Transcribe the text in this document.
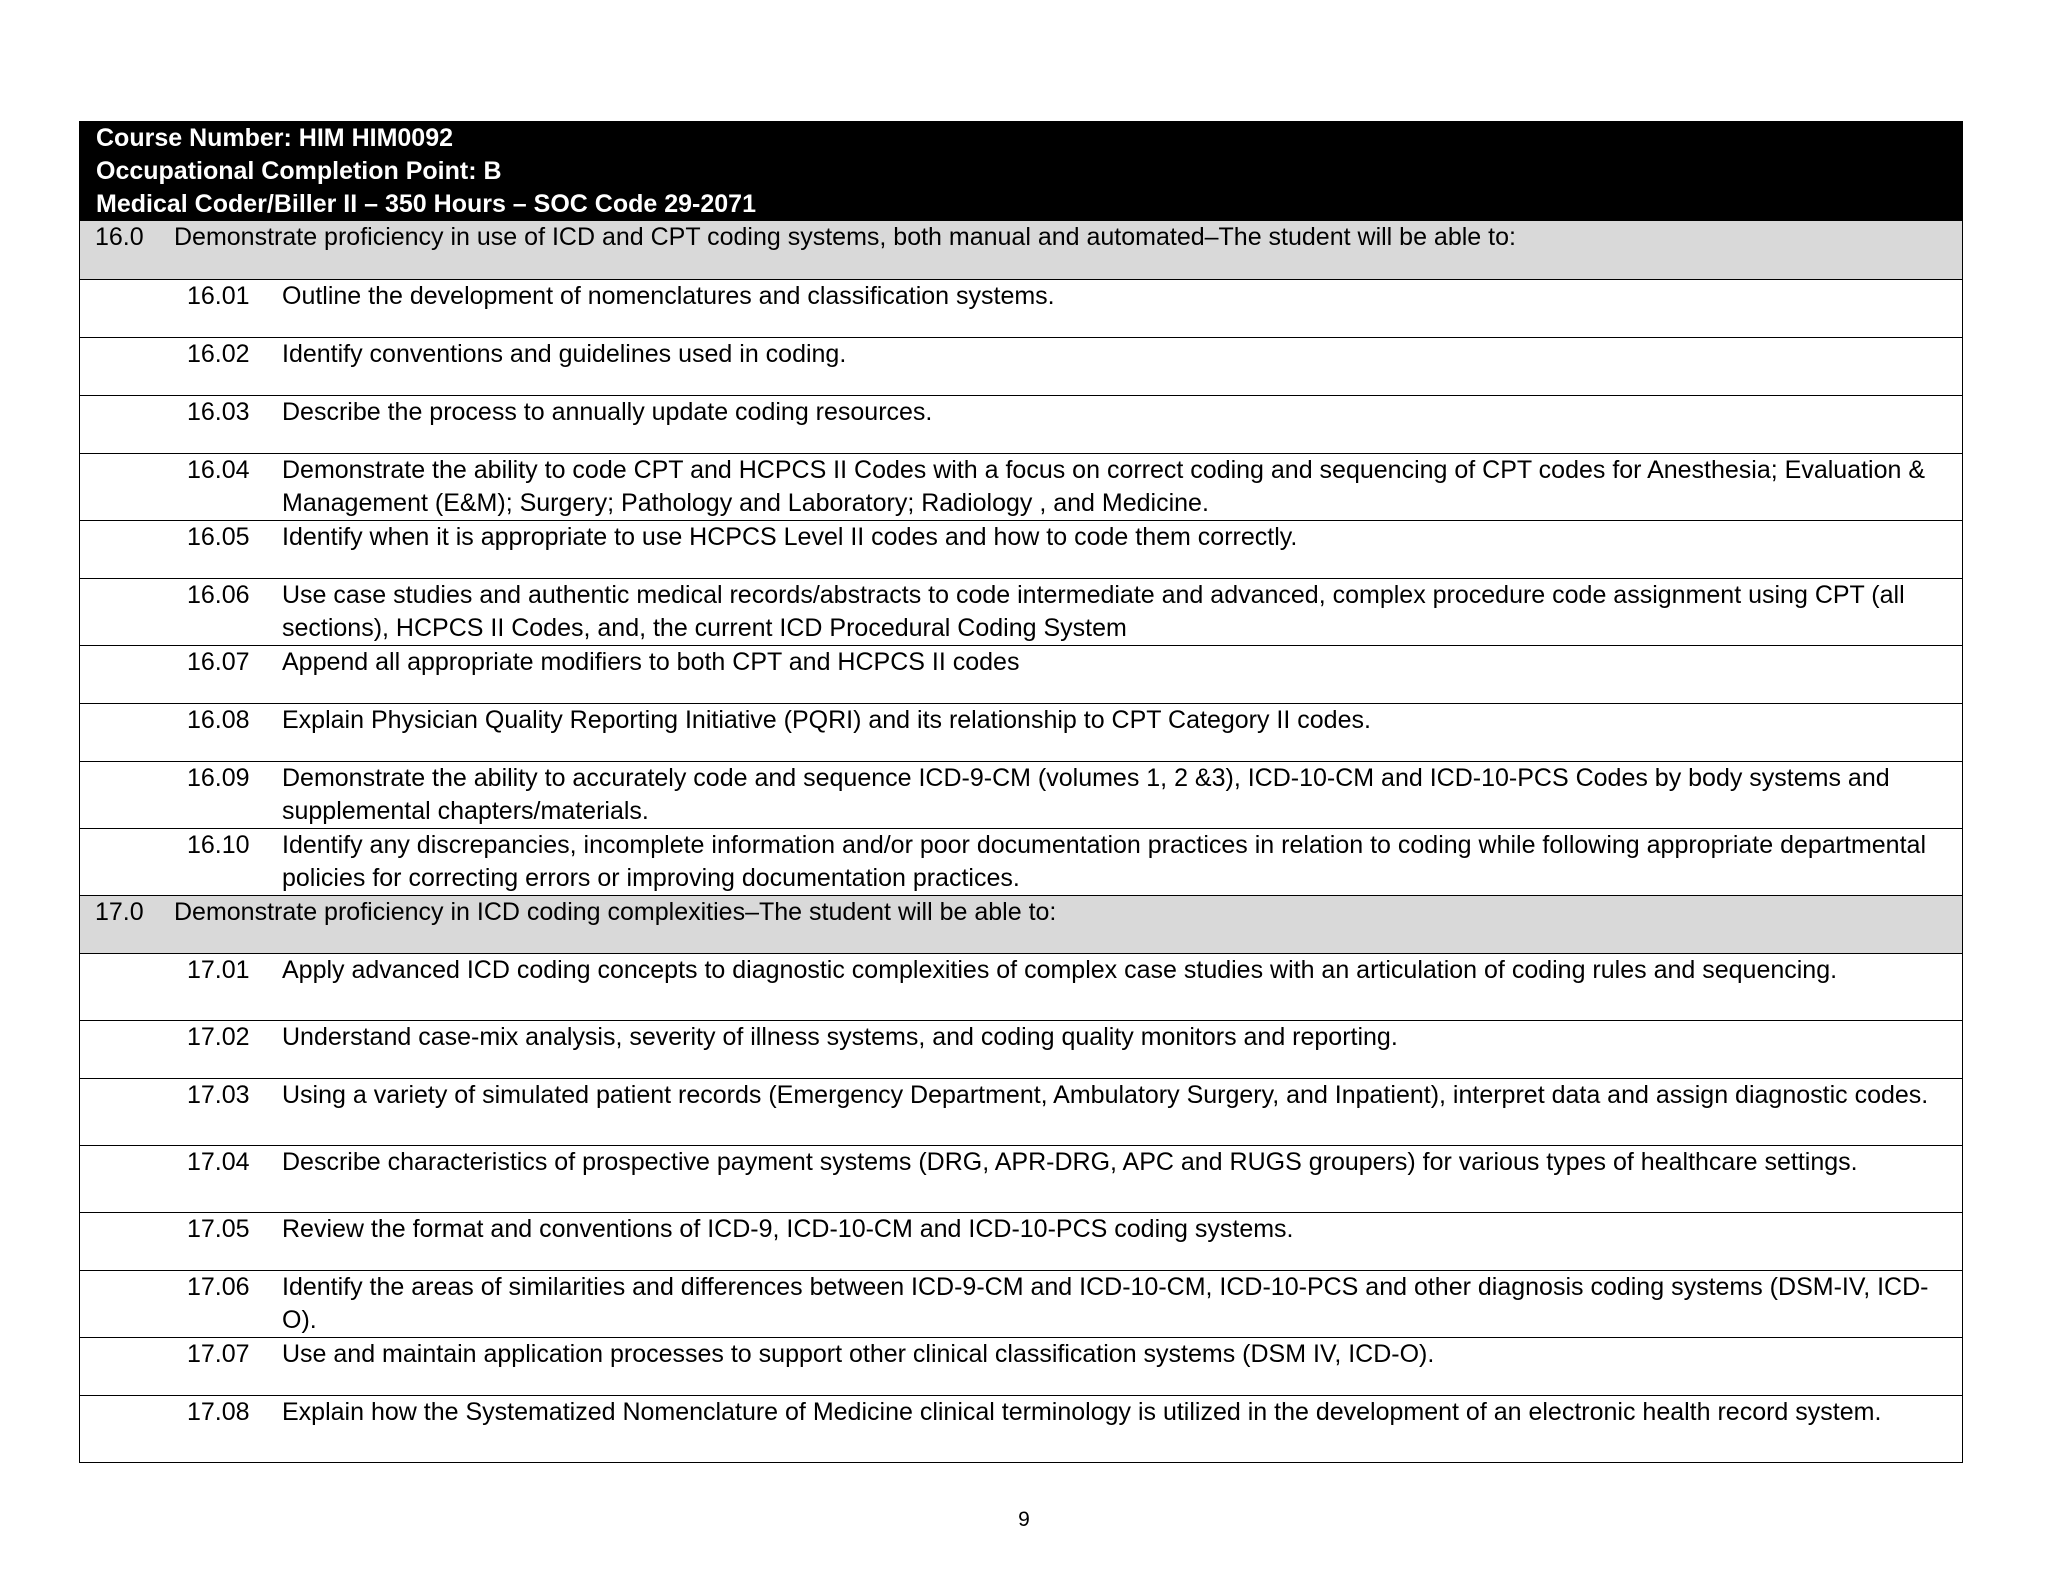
Course Number: HIM HIM0092
Occupational Completion Point: B
Medical Coder/Biller II – 350 Hours – SOC Code 29-2071
16.0	Demonstrate proficiency in use of ICD and CPT coding systems, both manual and automated–The student will be able to:
16.01	Outline the development of nomenclatures and classification systems.
16.02	Identify conventions and guidelines used in coding.
16.03	Describe the process to annually update coding resources.
16.04	Demonstrate the ability to code CPT and HCPCS II Codes with a focus on correct coding and sequencing of CPT codes for Anesthesia; Evaluation & Management (E&M); Surgery; Pathology and Laboratory; Radiology , and Medicine.
16.05	Identify when it is appropriate to use HCPCS Level II codes and how to code them correctly.
16.06	Use case studies and authentic medical records/abstracts to code intermediate and advanced, complex procedure code assignment using CPT (all sections), HCPCS II Codes, and, the current ICD Procedural Coding System
16.07	Append all appropriate modifiers to both CPT and HCPCS II codes
16.08	Explain Physician Quality Reporting Initiative (PQRI) and its relationship to CPT Category II codes.
16.09	Demonstrate the ability to accurately code and sequence ICD-9-CM (volumes 1, 2 &3), ICD-10-CM and ICD-10-PCS Codes by body systems and supplemental chapters/materials.
16.10	Identify any discrepancies, incomplete information and/or poor documentation practices in relation to coding while following appropriate departmental policies for correcting errors or improving documentation practices.
17.0	Demonstrate proficiency in ICD coding complexities–The student will be able to:
17.01	Apply advanced ICD coding concepts to diagnostic complexities of complex case studies with an articulation of coding rules and sequencing.
17.02	Understand case-mix analysis, severity of illness systems, and coding quality monitors and reporting.
17.03	Using a variety of simulated patient records (Emergency Department, Ambulatory Surgery, and Inpatient), interpret data and assign diagnostic codes.
17.04	Describe characteristics of prospective payment systems (DRG, APR-DRG, APC and RUGS groupers) for various types of healthcare settings.
17.05	Review the format and conventions of ICD-9, ICD-10-CM and ICD-10-PCS coding systems.
17.06	Identify the areas of similarities and differences between ICD-9-CM and ICD-10-CM, ICD-10-PCS and other diagnosis coding systems (DSM-IV, ICD-O).
17.07	Use and maintain application processes to support other clinical classification systems (DSM IV, ICD-O).
17.08	Explain how the Systematized Nomenclature of Medicine clinical terminology is utilized in the development of an electronic health record system.
9
